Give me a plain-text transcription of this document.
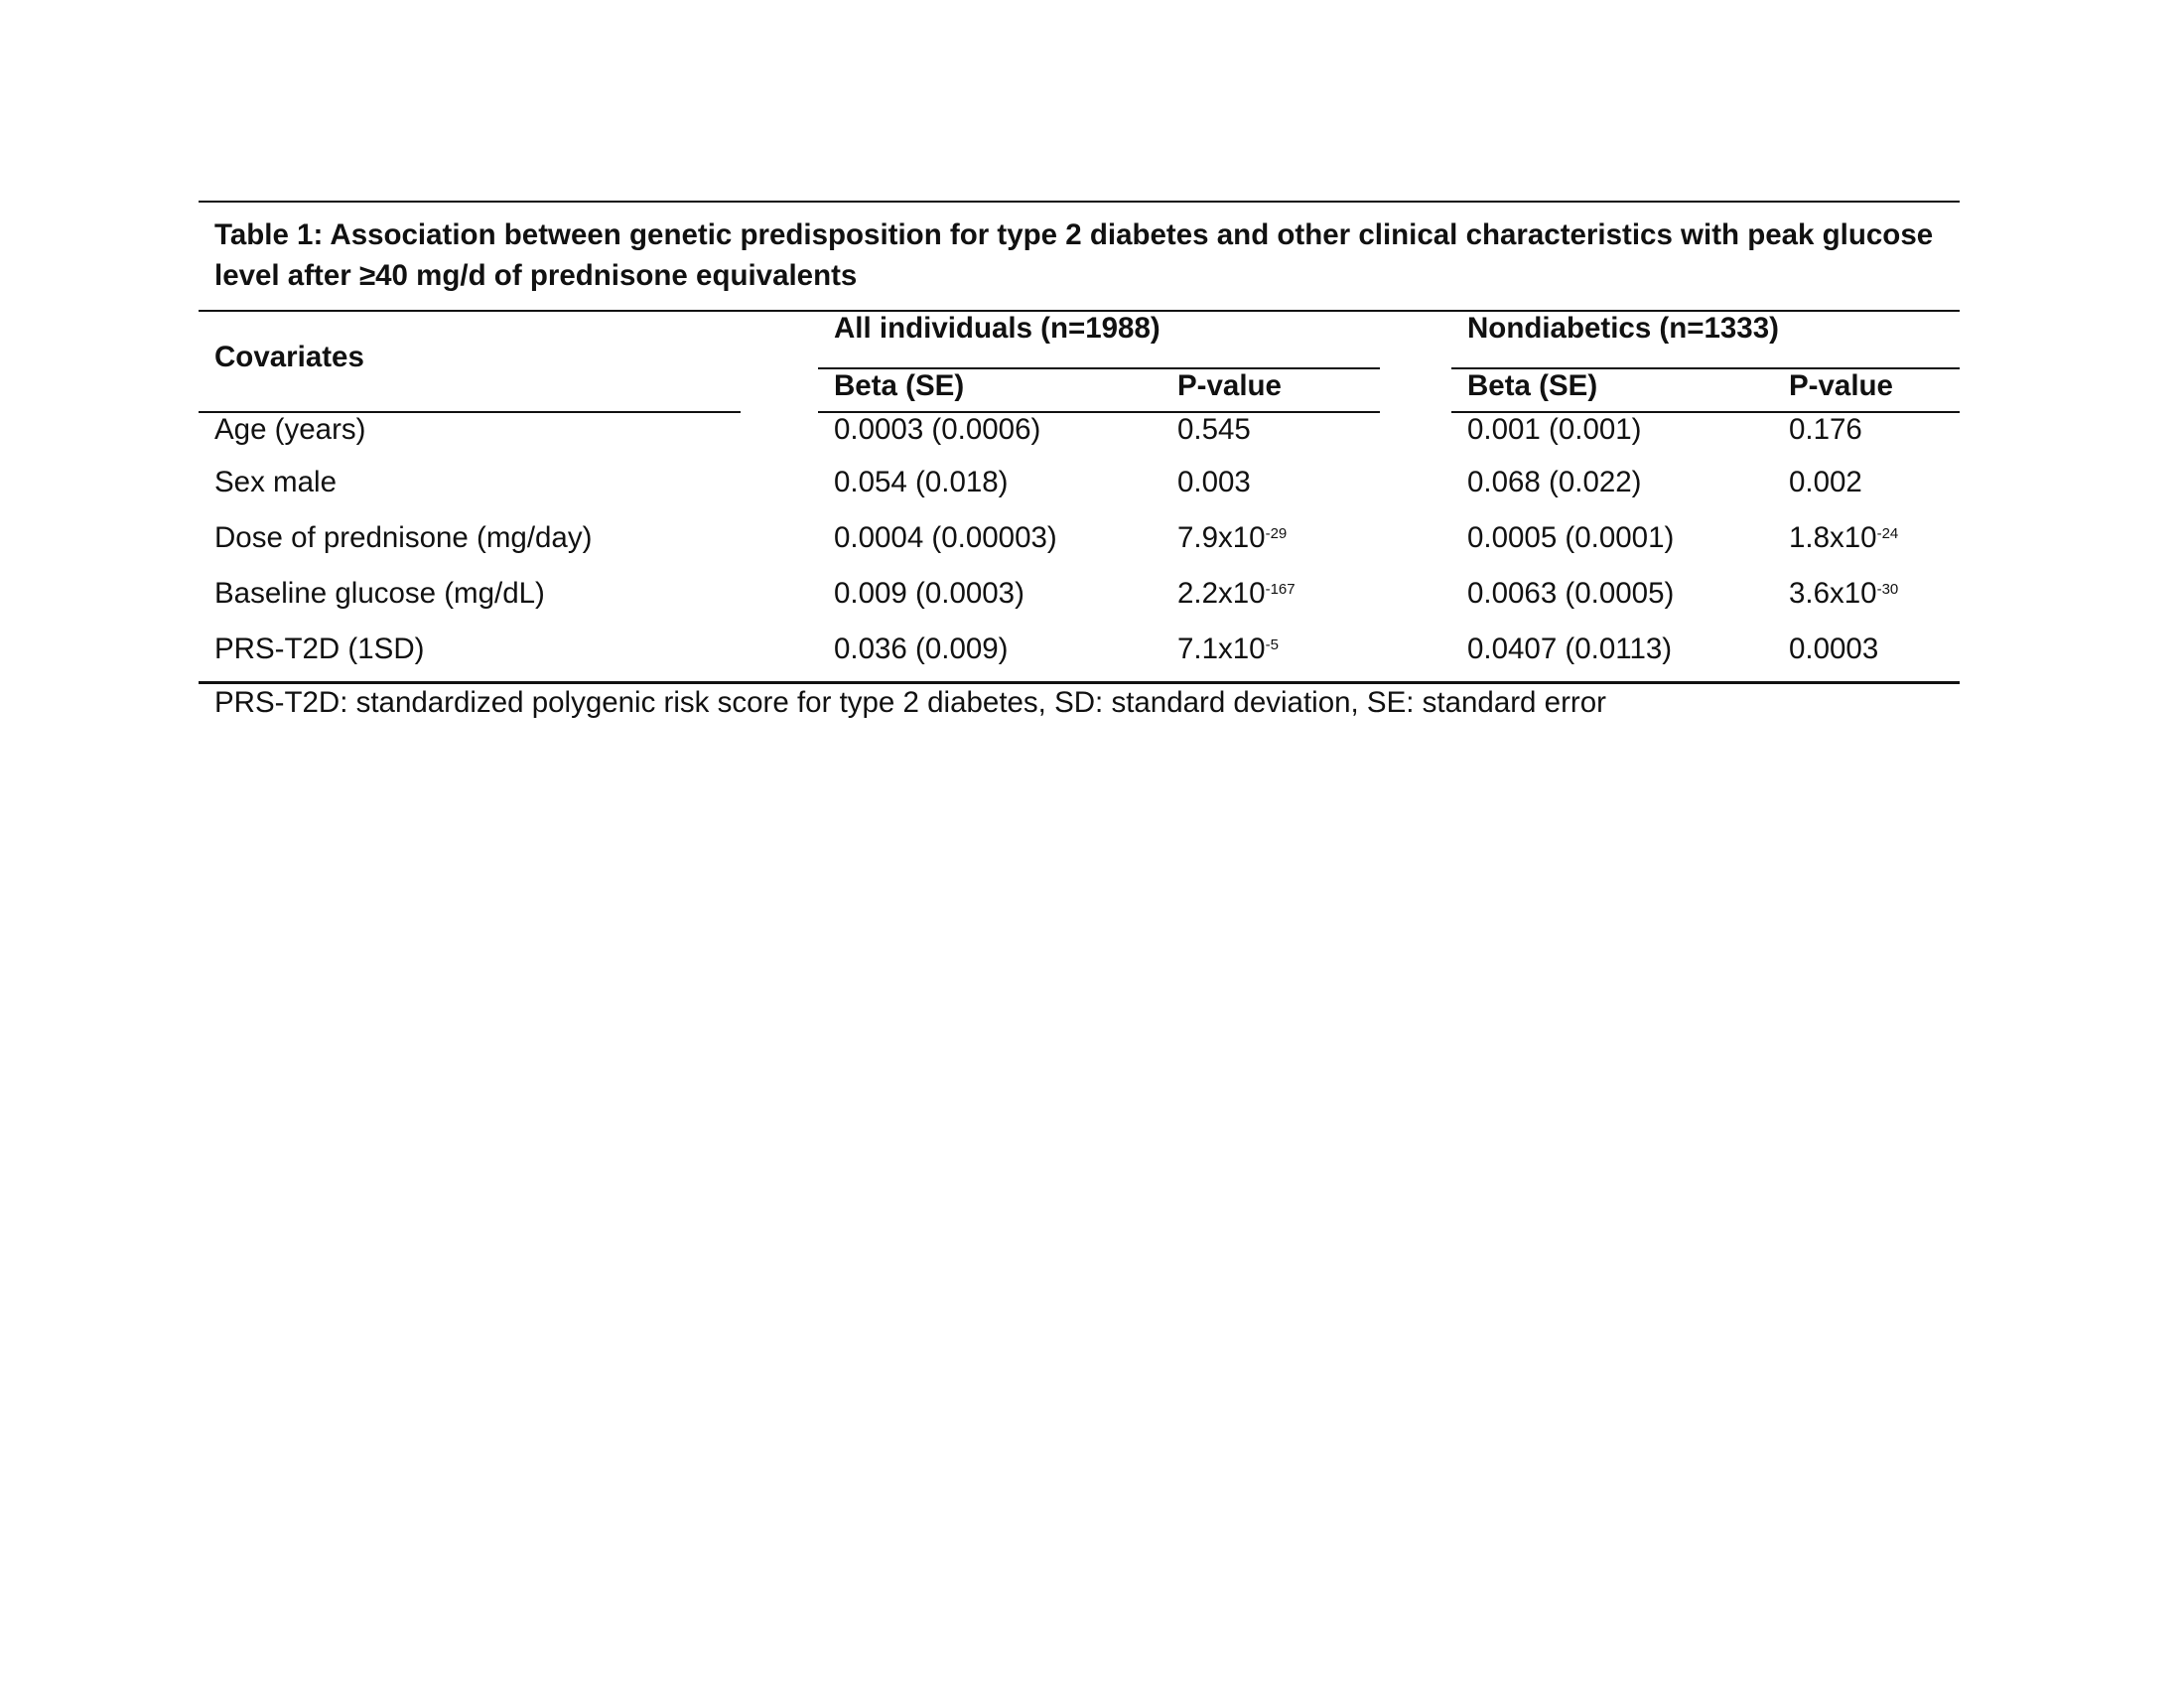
Table 1: Association between genetic predisposition for type 2 diabetes and other clinical characteristics with peak glucose level after ≥40 mg/d of prednisone equivalents
Covariates
All individuals (n=1988)	Nondiabetics (n=1333)
Beta (SE)	P-value	Beta (SE)	P-value
Age (years)	0.0003 (0.0006)	0.545	0.001 (0.001)	0.176
Sex male	0.054 (0.018)	0.003	0.068 (0.022)	0.002
Dose of prednisone (mg/day)	0.0004 (0.00003)	$7.9x10^{-29}$	0.0005 (0.0001)	$1.8x10^{-24}$
Baseline glucose (mg/dL)	0.009 (0.0003)	$2.2x10^{-167}$	0.0063 (0.0005)	$3.6x10^{-30}$
PRS-T2D (1SD)	0.036 (0.009)	$7.1x10^{-5}$	0.0407 (0.0113)	0.0003
PRS-T2D: standardized polygenic risk score for type 2 diabetes, SD: standard deviation, SE: standard error
